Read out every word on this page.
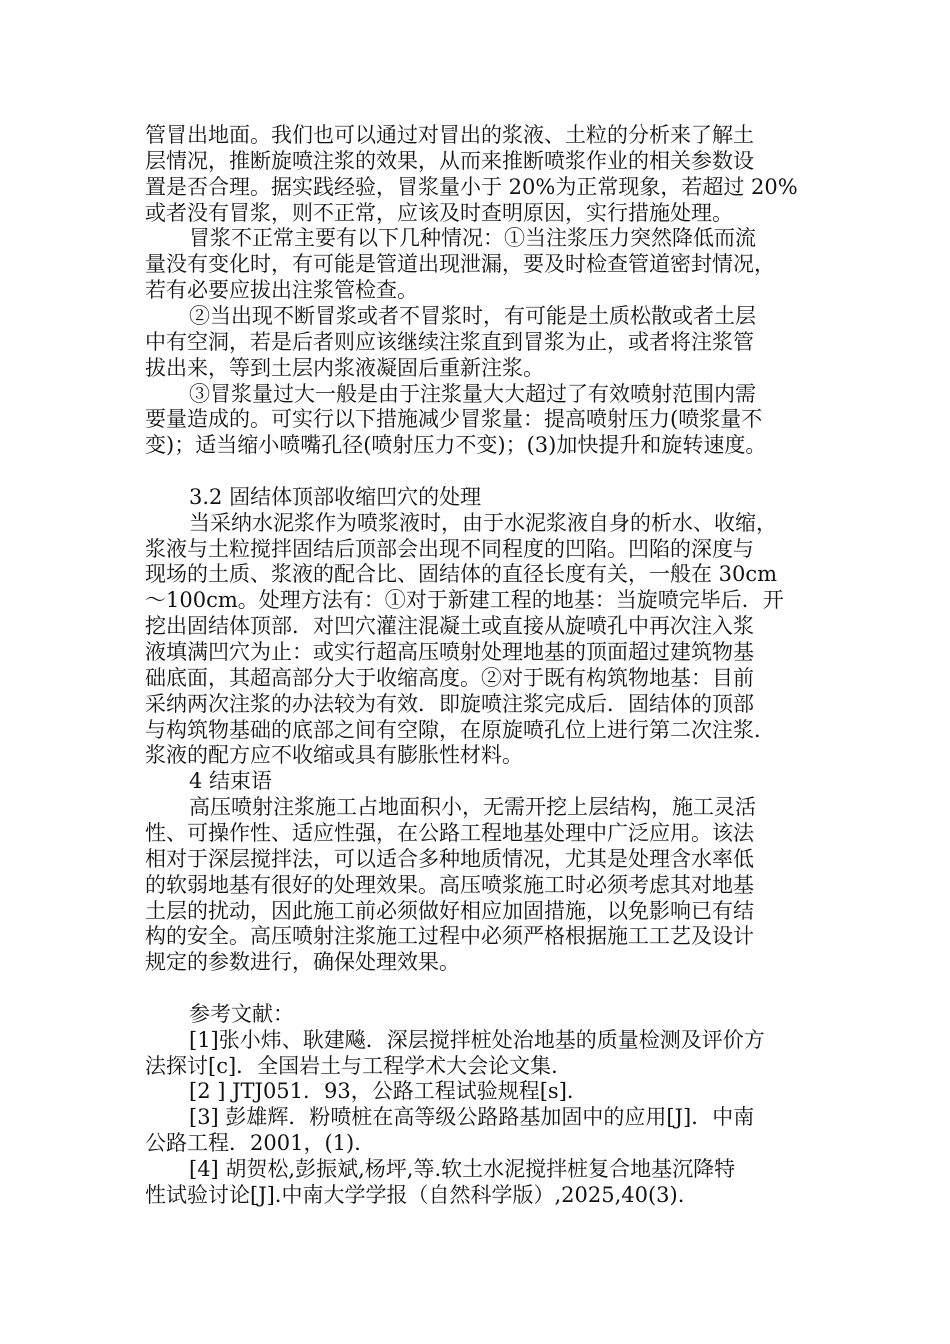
管冒出地面。我们也可以通过对冒出的浆液、土粒的分析来了解土
层情况，推断旋喷注浆的效果，从而来推断喷浆作业的相关参数设
置是否合理。据实践经验，冒浆量小于 20%为正常现象，若超过 20%
或者没有冒浆，则不正常，应该及时查明原因，实行措施处理。
冒浆不正常主要有以下几种情况：①当注浆压力突然降低而流
量没有变化时，有可能是管道出现泄漏，要及时检查管道密封情况，
若有必要应拔出注浆管检查。
②当出现不断冒浆或者不冒浆时，有可能是土质松散或者土层
中有空洞，若是后者则应该继续注浆直到冒浆为止，或者将注浆管
拔出来，等到土层内浆液凝固后重新注浆。
③冒浆量过大一般是由于注浆量大大超过了有效喷射范围内需
要量造成的。可实行以下措施减少冒浆量：提高喷射压力(喷浆量不
变)；适当缩小喷嘴孔径(喷射压力不变)；(3)加快提升和旋转速度。
3.2 固结体顶部收缩凹穴的处理
当采纳水泥浆作为喷浆液时，由于水泥浆液自身的析水、收缩，
浆液与土粒搅拌固结后顶部会出现不同程度的凹陷。凹陷的深度与
现场的土质、浆液的配合比、固结体的直径长度有关，一般在 30cm
～100cm。处理方法有：①对于新建工程的地基：当旋喷完毕后．开
挖出固结体顶部．对凹穴灌注混凝土或直接从旋喷孔中再次注入浆
液填满凹穴为止：或实行超高压喷射处理地基的顶面超过建筑物基
础底面，其超高部分大于收缩高度。②对于既有构筑物地基：目前
采纳两次注浆的办法较为有效．即旋喷注浆完成后．固结体的顶部
与构筑物基础的底部之间有空隙，在原旋喷孔位上进行第二次注浆．
浆液的配方应不收缩或具有膨胀性材料。
4 结束语
高压喷射注浆施工占地面积小，无需开挖上层结构，施工灵活
性、可操作性、适应性强，在公路工程地基处理中广泛应用。该法
相对于深层搅拌法，可以适合多种地质情况，尤其是处理含水率低
的软弱地基有很好的处理效果。高压喷浆施工时必须考虑其对地基
土层的扰动，因此施工前必须做好相应加固措施，以免影响已有结
构的安全。高压喷射注浆施工过程中必须严格根据施工工艺及设计
规定的参数进行，确保处理效果。
参考文献：
[1]张小炜、耿建飚．深层搅拌桩处治地基的质量检测及评价方
法探讨[c]．全国岩土与工程学术大会论文集．
[2 ] JTJ051．93，公路工程试验规程[s]．
[3] 彭雄辉．粉喷桩在高等级公路路基加固中的应用[J]．中南
公路工程．2001，(1)．
[4] 胡贺松,彭振斌,杨坪,等.软土水泥搅拌桩复合地基沉降特
性试验讨论[J].中南大学学报（自然科学版）,2025,40(3).
